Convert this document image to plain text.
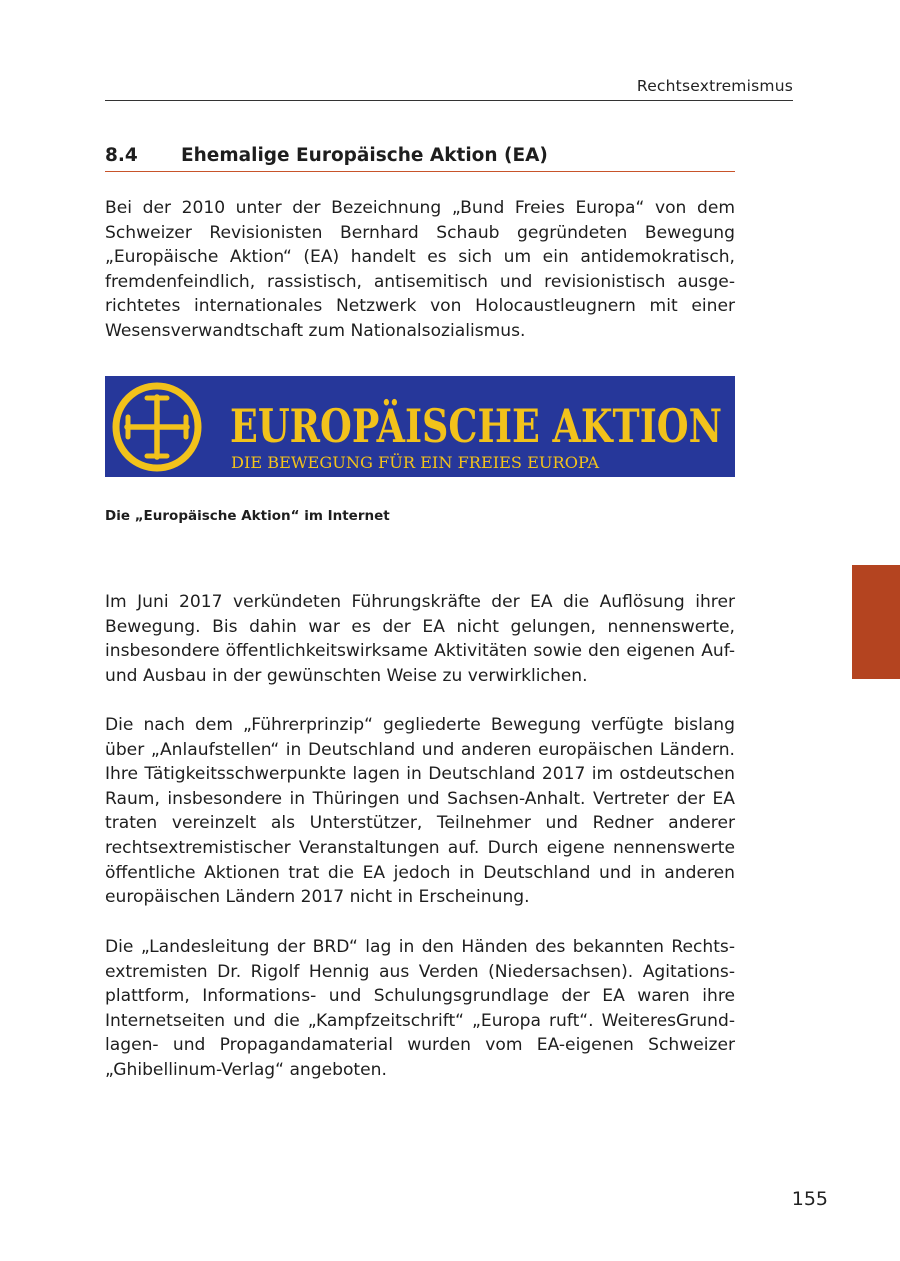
Rechtsextremismus
8.4 Ehemalige Europäische Aktion (EA)

Bei der 2010 unter der Bezeichnung „Bund Freies Europa“ von dem Schweizer Revisionisten Bernhard Schaub gegründeten Bewegung „Europäische Aktion“ (EA) handelt es sich um ein antidemokratisch, fremdenfeindlich, rassistisch, antisemitisch und revisionistisch ausgerichtetes internationales Netzwerk von Holocaustleugnern mit einer Wesensverwandtschaft zum Nationalsozialismus.

EUROPÄISCHE AKTION
DIE BEWEGUNG FÜR EIN FREIES EUROPA
Die „Europäische Aktion“ im Internet

Im Juni 2017 verkündeten Führungskräfte der EA die Auflösung ihrer Bewegung. Bis dahin war es der EA nicht gelungen, nennenswerte, insbesondere öffentlichkeitswirksame Aktivitäten sowie den eigenen Auf- und Ausbau in der gewünschten Weise zu verwirklichen.

Die nach dem „Führerprinzip“ gegliederte Bewegung verfügte bislang über „Anlaufstellen“ in Deutschland und anderen europäischen Ländern. Ihre Tätigkeitsschwerpunkte lagen in Deutschland 2017 im ostdeutschen Raum, insbesondere in Thüringen und Sachsen-Anhalt. Vertreter der EA traten vereinzelt als Unterstützer, Teilnehmer und Redner anderer rechtsextremistischer Veranstaltungen auf. Durch eigene nennenswerte öffentliche Aktionen trat die EA jedoch in Deutschland und in anderen europäischen Ländern 2017 nicht in Erscheinung.

Die „Landesleitung der BRD“ lag in den Händen des bekannten Rechtsextremisten Dr. Rigolf Hennig aus Verden (Niedersachsen). Agitationsplattform, Informations- und Schulungsgrundlage der EA waren ihre Internetseiten und die „Kampfzeitschrift“ „Europa ruft“. WeiteresGrundlagen- und Propagandamaterial wurden vom EA-eigenen Schweizer „Ghibellinum-Verlag“ angeboten.

155
